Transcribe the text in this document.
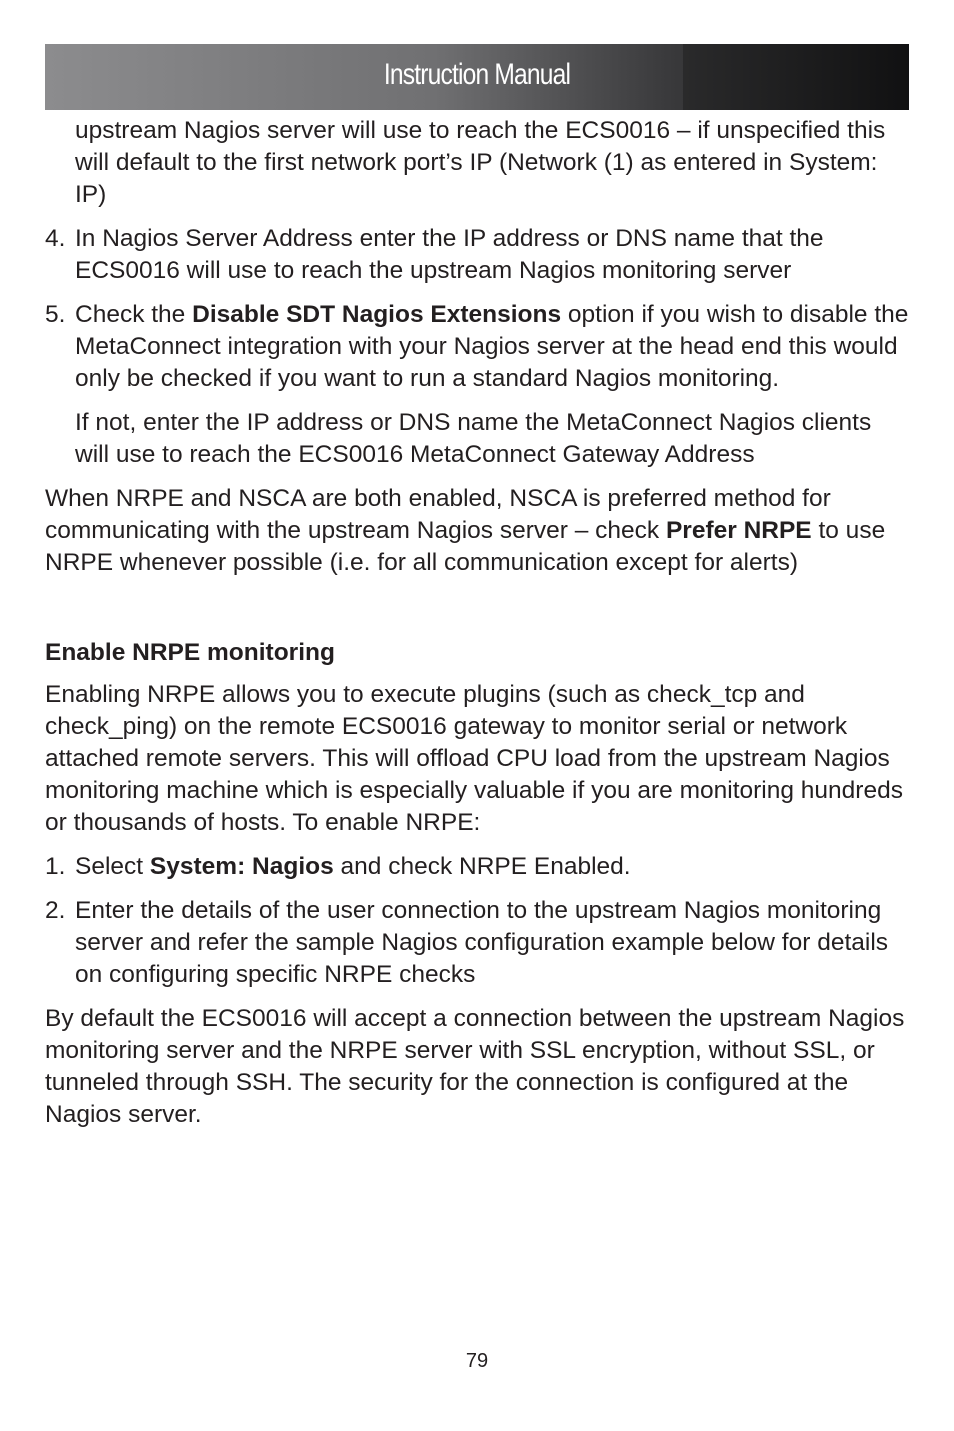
Instruction Manual

upstream Nagios server will use to reach the ECS0016 – if unspecified this will default to the first network port’s IP (Network (1) as entered in System: IP)

4. In Nagios Server Address enter the IP address or DNS name that the ECS0016 will use to reach the upstream Nagios monitoring server
5. Check the Disable SDT Nagios Extensions option if you wish to disable the MetaConnect integration with your Nagios server at the head end this would only be checked if you want to run a standard Nagios monitoring.

If not, enter the IP address or DNS name the MetaConnect Nagios clients will use to reach the ECS0016 MetaConnect Gateway Address

When NRPE and NSCA are both enabled, NSCA is preferred method for communicating with the upstream Nagios server – check Prefer NRPE to use NRPE whenever possible (i.e. for all communication except for alerts)

Enable NRPE monitoring

Enabling NRPE allows you to execute plugins (such as check_tcp and check_ping) on the remote ECS0016 gateway to monitor serial or network attached remote servers. This will offload CPU load from the upstream Nagios monitoring machine which is especially valuable if you are monitoring hundreds or thousands of hosts. To enable NRPE:

1. Select System: Nagios and check NRPE Enabled.
2. Enter the details of the user connection to the upstream Nagios monitoring server and refer the sample Nagios configuration example below for details on configuring specific NRPE checks

By default the ECS0016 will accept a connection between the upstream Nagios monitoring server and the NRPE server with SSL encryption, without SSL, or tunneled through SSH. The security for the connection is configured at the Nagios server.

79
